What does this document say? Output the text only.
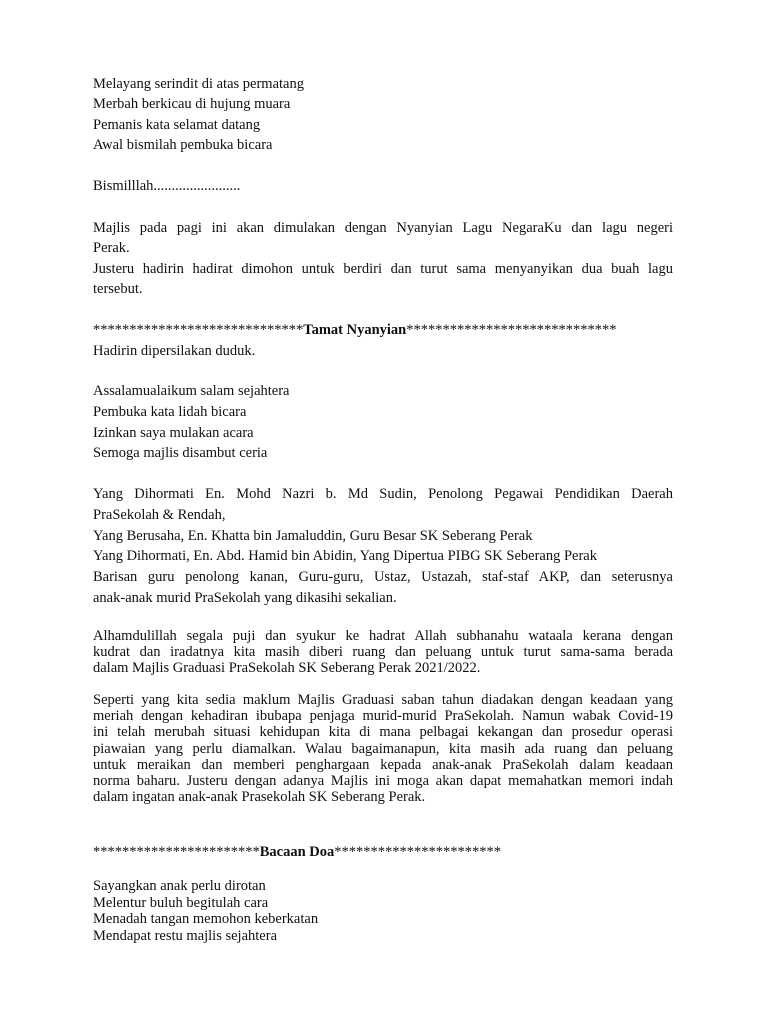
Melayang serindit di atas permatang
Merbah berkicau di hujung muara
Pemanis kata selamat datang
Awal bismilah pembuka bicara
Bismilllah........................
Majlis pada pagi ini akan dimulakan dengan Nyanyian Lagu NegaraKu dan lagu negeri
Perak.
Justeru hadirin hadirat dimohon untuk berdiri dan turut sama menyanyikan dua buah lagu
tersebut.
*****************************Tamat Nyanyian*****************************
Hadirin dipersilakan duduk.
Assalamualaikum salam sejahtera
Pembuka kata lidah bicara
Izinkan saya mulakan acara
Semoga majlis disambut ceria
Yang Dihormati En. Mohd Nazri b. Md Sudin, Penolong Pegawai Pendidikan Daerah
PraSekolah & Rendah,
Yang Berusaha, En. Khatta bin Jamaluddin, Guru Besar SK Seberang Perak
Yang Dihormati, En. Abd. Hamid bin Abidin, Yang Dipertua PIBG SK Seberang Perak
Barisan guru penolong kanan, Guru-guru, Ustaz, Ustazah, staf-staf AKP, dan seterusnya
anak-anak murid PraSekolah yang dikasihi sekalian.
Alhamdulillah segala puji dan syukur ke hadrat Allah subhanahu wataala kerana dengan
kudrat dan iradatnya kita masih diberi ruang dan peluang untuk turut sama-sama berada
dalam Majlis Graduasi PraSekolah SK Seberang Perak 2021/2022.
Seperti yang kita sedia maklum Majlis Graduasi saban tahun diadakan dengan keadaan yang
meriah dengan kehadiran ibubapa penjaga murid-murid PraSekolah. Namun wabak Covid-19
ini telah merubah situasi kehidupan kita di mana pelbagai kekangan dan prosedur operasi
piawaian yang perlu diamalkan. Walau bagaimanapun, kita masih ada ruang dan peluang
untuk meraikan dan memberi penghargaan kepada anak-anak PraSekolah dalam keadaan
norma baharu. Justeru dengan adanya Majlis ini moga akan dapat memahatkan memori indah
dalam ingatan anak-anak Prasekolah SK Seberang Perak.
***********************Bacaan Doa***********************
Sayangkan anak perlu dirotan
Melentur buluh begitulah cara
Menadah tangan memohon keberkatan
Mendapat restu majlis sejahtera
